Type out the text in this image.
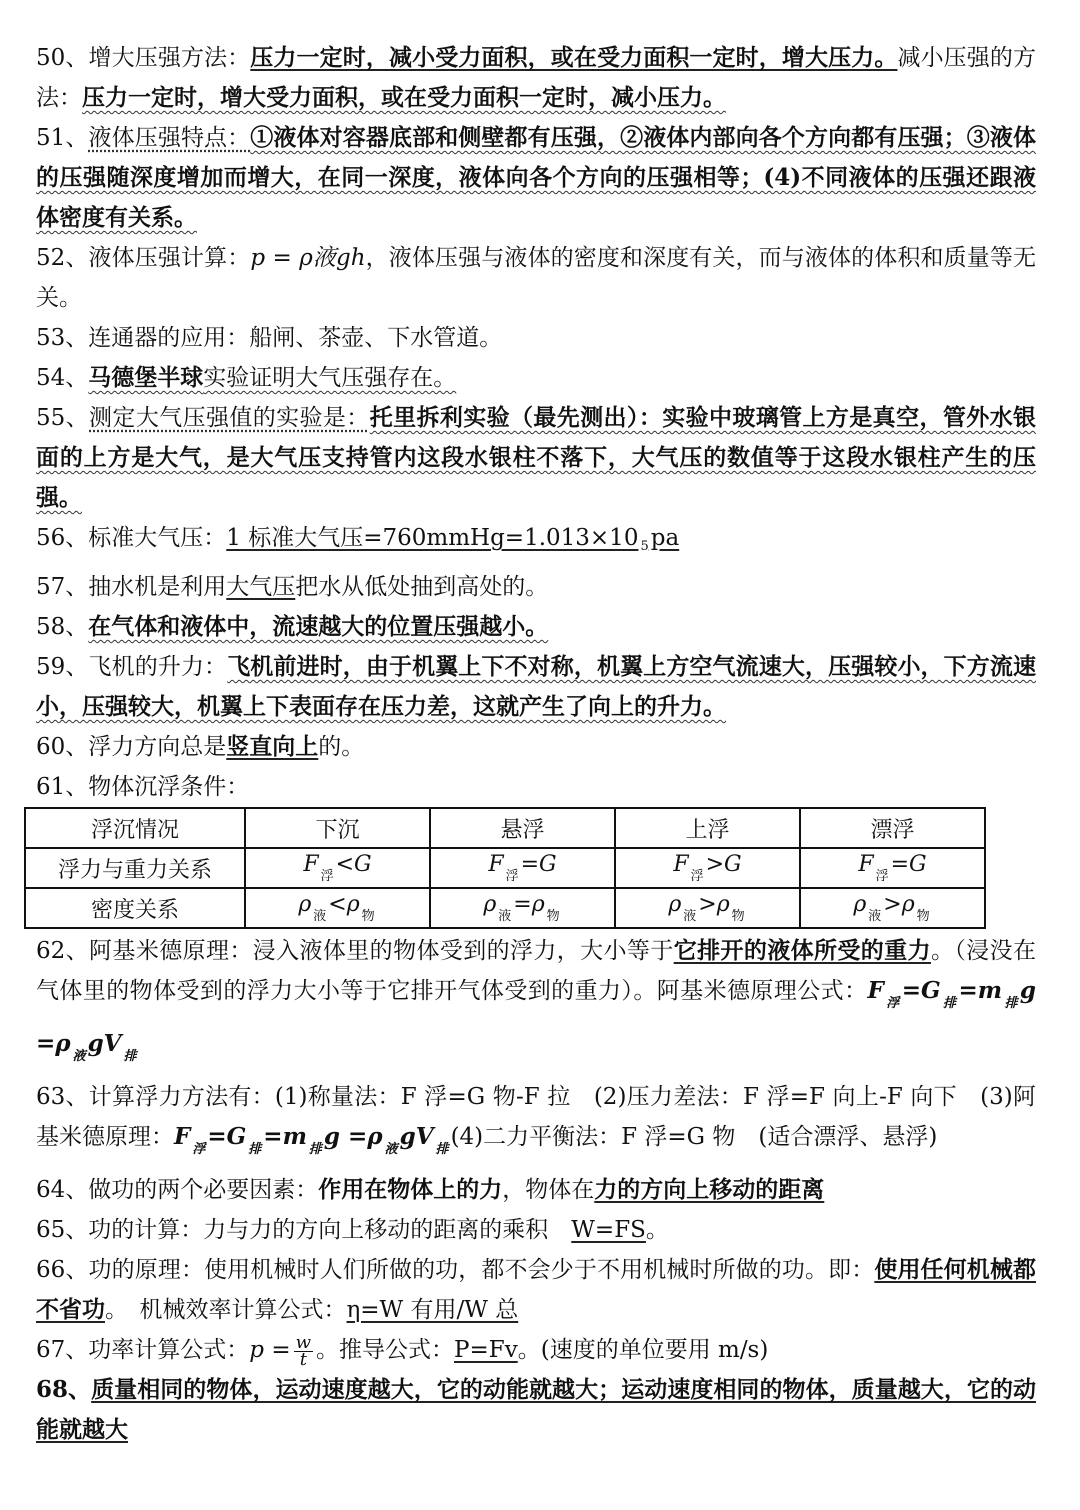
50、增大压强方法：压力一定时，减小受力面积，或在受力面积一定时，增大压力。减小压强的方法：压力一定时，增大受力面积，或在受力面积一定时，减小压力。

51、液体压强特点：①液体对容器底部和侧壁都有压强，②液体内部向各个方向都有压强；③液体的压强随深度增加而增大，在同一深度，液体向各个方向的压强相等；(4)不同液体的压强还跟液体密度有关系。

52、液体压强计算：p = ρ液gh，液体压强与液体的密度和深度有关，而与液体的体积和质量等无关。

53、连通器的应用：船闸、茶壶、下水管道。

54、马德堡半球实验证明大气压强存在。

55、测定大气压强值的实验是：托里拆利实验（最先测出）：实验中玻璃管上方是真空，管外水银面的上方是大气，是大气压支持管内这段水银柱不落下，大气压的数值等于这段水银柱产生的压强。

56、标准大气压：1 标准大气压=760mmHg=1.013×10 $_5$pa

57、抽水机是利用大气压把水从低处抽到高处的。

58、在气体和液体中，流速越大的位置压强越小。

59、飞机的升力：飞机前进时，由于机翼上下不对称，机翼上方空气流速大，压强较小，下方流速小，压强较大，机翼上下表面存在压力差，这就产生了向上的升力。

60、浮力方向总是竖直向上的。

61、物体沉浮条件：

浮沉情况	下沉	悬浮	上浮	漂浮
浮力与重力关系	F $_浮$<G	F $_浮$=G	F $_浮$>G	F $_浮$=G
密度关系	ρ $_液$<ρ $_物$	ρ $_液$=ρ $_物$	ρ $_液$>ρ $_物$	ρ $_液$>ρ $_物$

62、阿基米德原理：浸入液体里的物体受到的浮力，大小等于它排开的液体所受的重力。（浸没在气体里的物体受到的浮力大小等于它排开气体受到的重力）。阿基米德原理公式：F $_浮$=G $_排$=m $_排$g =ρ $_液$gV $_排$

63、计算浮力方法有：(1)称量法：F 浮=G 物-F 拉　(2)压力差法：F 浮=F 向上-F 向下　(3)阿基米德原理：F $_浮$=G $_排$=m $_排$g =ρ $_液$gV $_排$(4)二力平衡法：F 浮=G 物　(适合漂浮、悬浮)

64、做功的两个必要因素：作用在物体上的力，物体在力的方向上移动的距离

65、功的计算：力与力的方向上移动的距离的乘积　W=FS。

66、功的原理：使用机械时人们所做的功，都不会少于不用机械时所做的功。即：使用任何机械都不省功。　机械效率计算公式：η=W 有用/W 总

67、功率计算公式：$p = \frac{w}{t}$ 。推导公式：P=Fv。(速度的单位要用 m/s)

68、质量相同的物体，运动速度越大，它的动能就越大；运动速度相同的物体，质量越大，它的动能就越大
